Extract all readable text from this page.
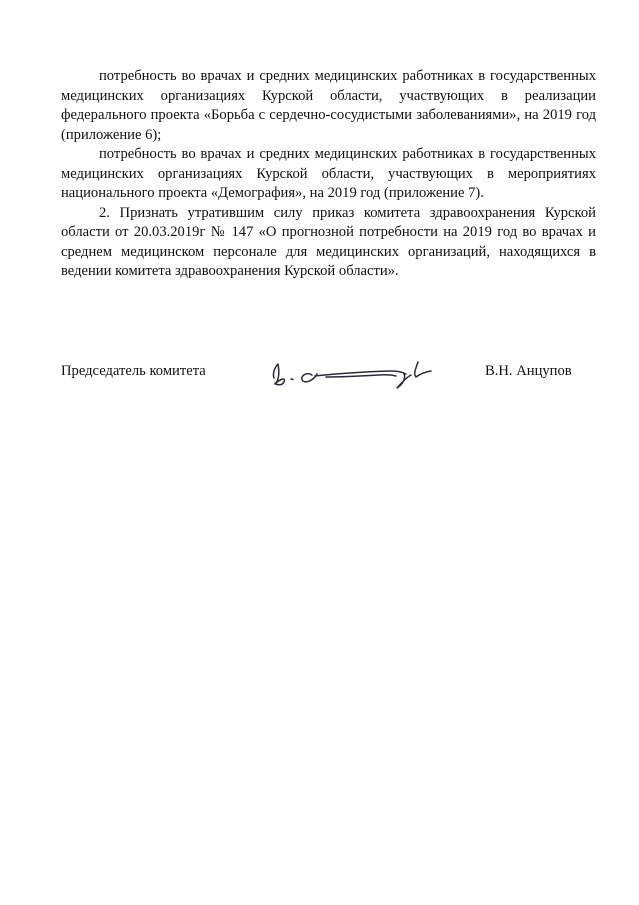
потребность во врачах и средних медицинских работниках в государственных медицинских организациях Курской области, участвующих в реализации федерального проекта «Борьба с сердечно-сосудистыми заболеваниями», на 2019 год (приложение 6);

потребность во врачах и средних медицинских работниках в государственных медицинских организациях Курской области, участвующих в мероприятиях национального проекта «Демография», на 2019 год (приложение 7).

2. Признать утратившим силу приказ комитета здравоохранения Курской области от 20.03.2019г № 147 «О прогнозной потребности на 2019 год во врачах и среднем медицинском персонале для медицинских организаций, находящихся в ведении комитета здравоохранения Курской области».

Председатель комитета	В.Н. Анцупов
